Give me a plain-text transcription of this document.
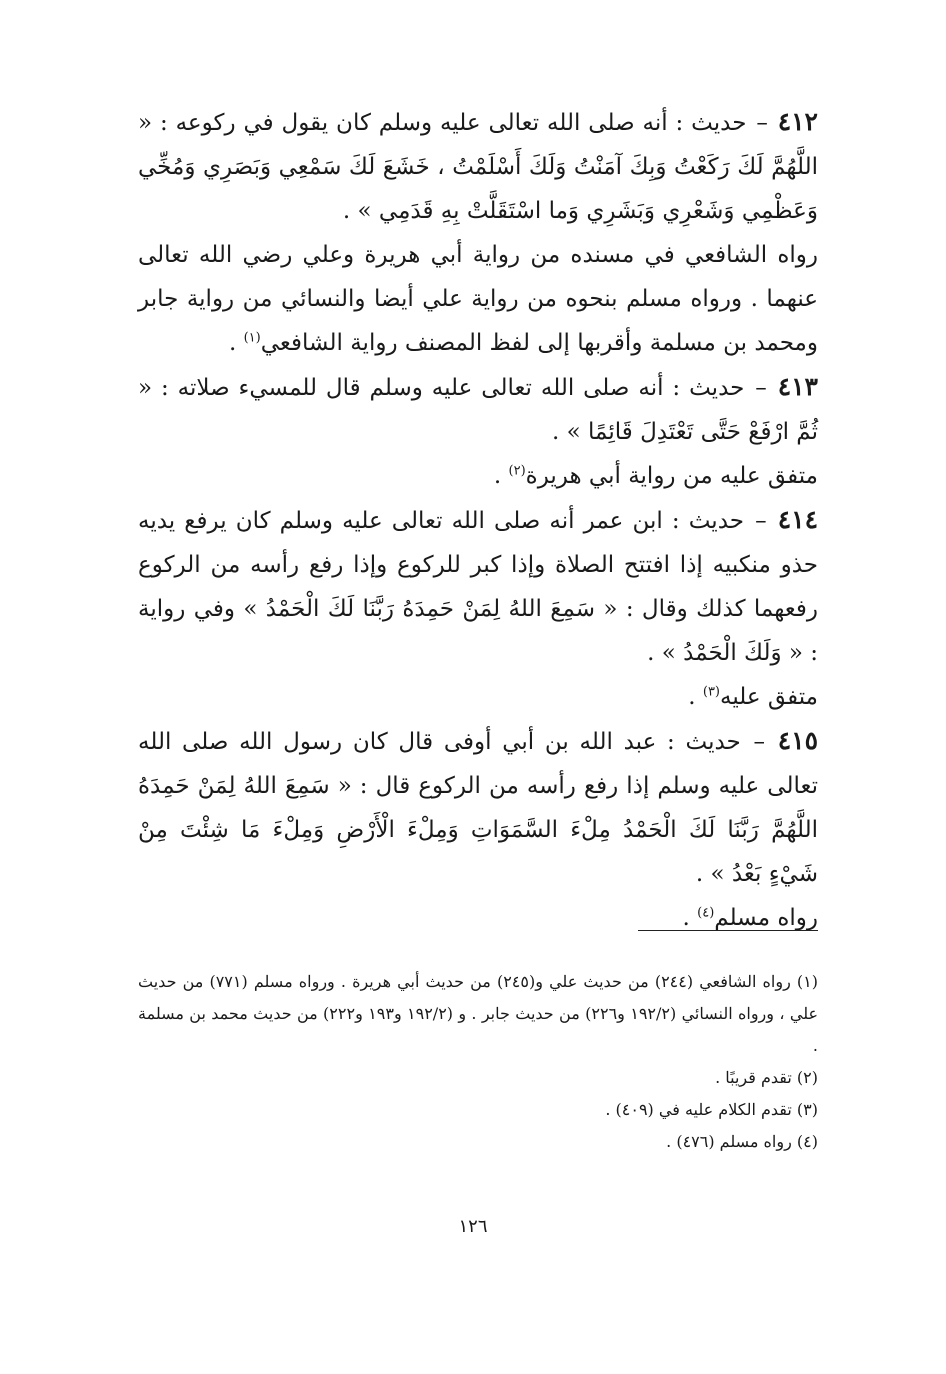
٤١٢ – حديث : أنه صلى الله تعالى عليه وسلم كان يقول في ركوعه : « اللَّهُمَّ لَكَ رَكَعْتُ وَبِكَ آمَنْتُ وَلَكَ أَسْلَمْتُ ، خَشَعَ لَكَ سَمْعِي وَبَصَرِي وَمُخِّي وَعَظْمِي وَشَعْرِي وَبَشَرِي وَما اسْتَقَلَّتْ بِهِ قَدَمِي » .

رواه الشافعي في مسنده من رواية أبي هريرة وعلي رضي الله تعالى عنهما . ورواه مسلم بنحوه من رواية علي أيضا والنسائي من رواية جابر ومحمد بن مسلمة وأقربها إلى لفظ المصنف رواية الشافعي$^{(١)}$ .

٤١٣ – حديث : أنه صلى الله تعالى عليه وسلم قال للمسيء صلاته : « ثُمَّ ارْفَعْ حَتَّى تَعْتَدِلَ قَائِمًا » .

متفق عليه من رواية أبي هريرة$^{(٢)}$ .

٤١٤ – حديث : ابن عمر أنه صلى الله تعالى عليه وسلم كان يرفع يديه حذو منكبيه إذا افتتح الصلاة وإذا كبر للركوع وإذا رفع رأسه من الركوع رفعهما كذلك وقال : « سَمِعَ اللهُ لِمَنْ حَمِدَهُ رَبَّنَا لَكَ الْحَمْدُ » وفي رواية : « وَلَكَ الْحَمْدُ » .

متفق عليه$^{(٣)}$ .

٤١٥ – حديث : عبد الله بن أبي أوفى قال كان رسول الله صلى الله تعالى عليه وسلم إذا رفع رأسه من الركوع قال : « سَمِعَ اللهُ لِمَنْ حَمِدَهُ اللَّهُمَّ رَبَّنَا لَكَ الْحَمْدُ مِلْءَ السَّمَوَاتِ وَمِلْءَ الْأَرْضِ وَمِلْءَ مَا شِئْتَ مِنْ شَيْءٍ بَعْدُ » .

رواه مسلم$^{(٤)}$ .

(١) رواه الشافعي (٢٤٤) من حديث علي و(٢٤٥) من حديث أبي هريرة . ورواه مسلم (٧٧١) من حديث علي ، ورواه النسائي (١٩٢/٢ و٢٢٦) من حديث جابر . و (١٩٢/٢ و١٩٣ و٢٢٢) من حديث محمد بن مسلمة .

(٢) تقدم قريبًا .

(٣) تقدم الكلام عليه في (٤٠٩) .

(٤) رواه مسلم (٤٧٦) .

١٢٦
